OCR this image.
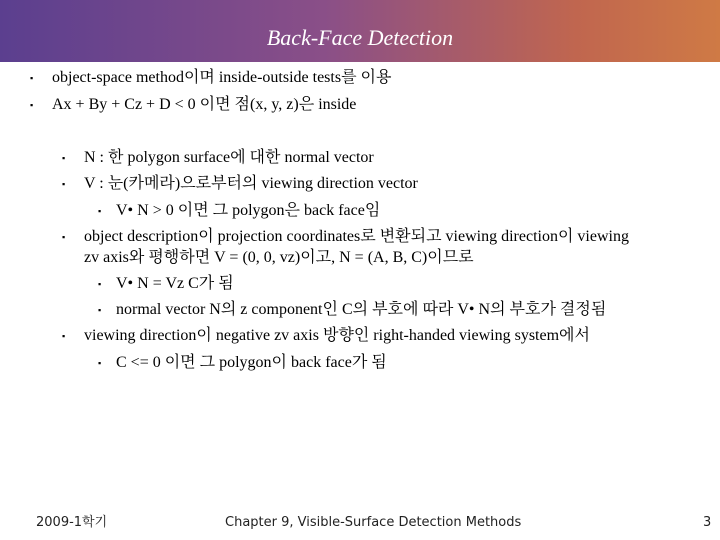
Back-Face Detection
▪ object-space method이며 inside-outside tests를 이용
▪ Ax + By + Cz + D < 0 이면 점(x, y, z)은 inside
▪ N : 한 polygon surface에 대한 normal vector
▪ V : 눈(카메라)으로부터의 viewing direction vector
▪ V• N > 0 이면 그 polygon은 back face임
▪ object description이 projection coordinates로 변환되고 viewing direction이 viewing
zv axis와 평행하면 V = (0, 0, vz)이고, N = (A, B, C)이므로
▪ V• N = Vz C가 됨
▪ normal vector N의 z component인 C의 부호에 따라 V• N의 부호가 결정됨
▪ viewing direction이 negative zv axis 방향인 right-handed viewing system에서
▪ C <= 0 이면 그 polygon이 back face가 됨
2009-1학기	Chapter 9, Visible-Surface Detection Methods	3
